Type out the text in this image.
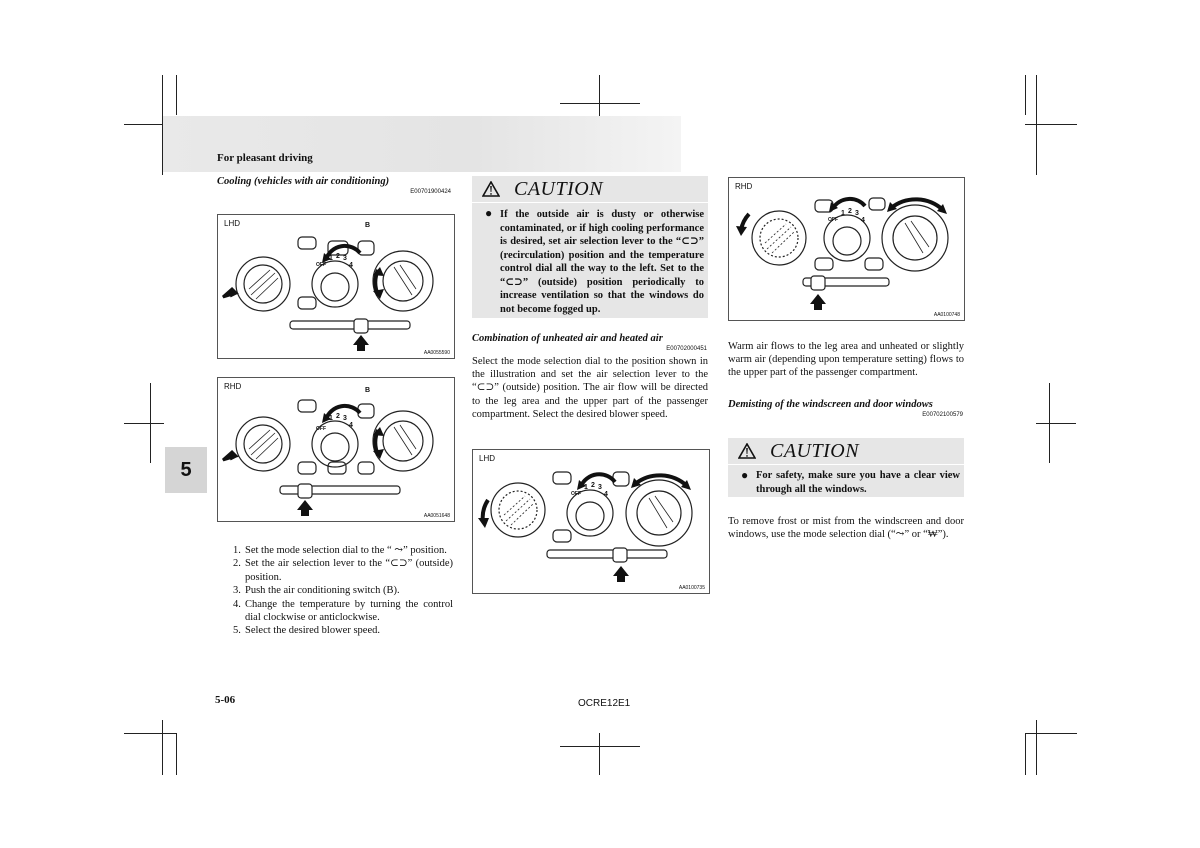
For pleasant driving
5
Cooling (vehicles with air conditioning)
E00701900424
1 2 3
4
OFF
B
LHD
AA0055590
1 2 3
4
OFF
B
RHD
AA0051648
1. Set the mode selection dial to the “ ⤳” position.
2. Set the air selection lever to the “⊂⊃” (outside) position.
3. Push the air conditioning switch (B).
4. Change the temperature by turning the control dial clockwise or anticlockwise.
5. Select the desired blower speed.
CAUTION
● If the outside air is dusty or otherwise contaminated, or if high cooling performance is desired, set air selection lever to the “⊂⊃” (recirculation) position and the temperature control dial all the way to the left. Set to the “⊂⊃” (outside) position periodically to increase ventilation so that the windows do not become fogged up.
Combination of unheated air and heated air
E00702000451
Select the mode selection dial to the position shown in the illustration and set the air selection lever to the “⊂⊃” (outside) position. The air flow will be directed to the leg area and the upper part of the passenger compartment. Select the desired blower speed.
1 2 3
4
OFF
LHD
AA0100735
1 2 3
4
OFF
RHD
AA0100748
Warm air flows to the leg area and unheated or slightly warm air (depending upon temperature setting) flows to the upper part of the passenger compartment.
Demisting of the windscreen and door windows
E00702100579
CAUTION
● For safety, make sure you have a clear view through all the windows.
To remove frost or mist from the windscreen and door windows, use the mode selection dial (“⤳” or “₩”).
5-06	OCRE12E1
